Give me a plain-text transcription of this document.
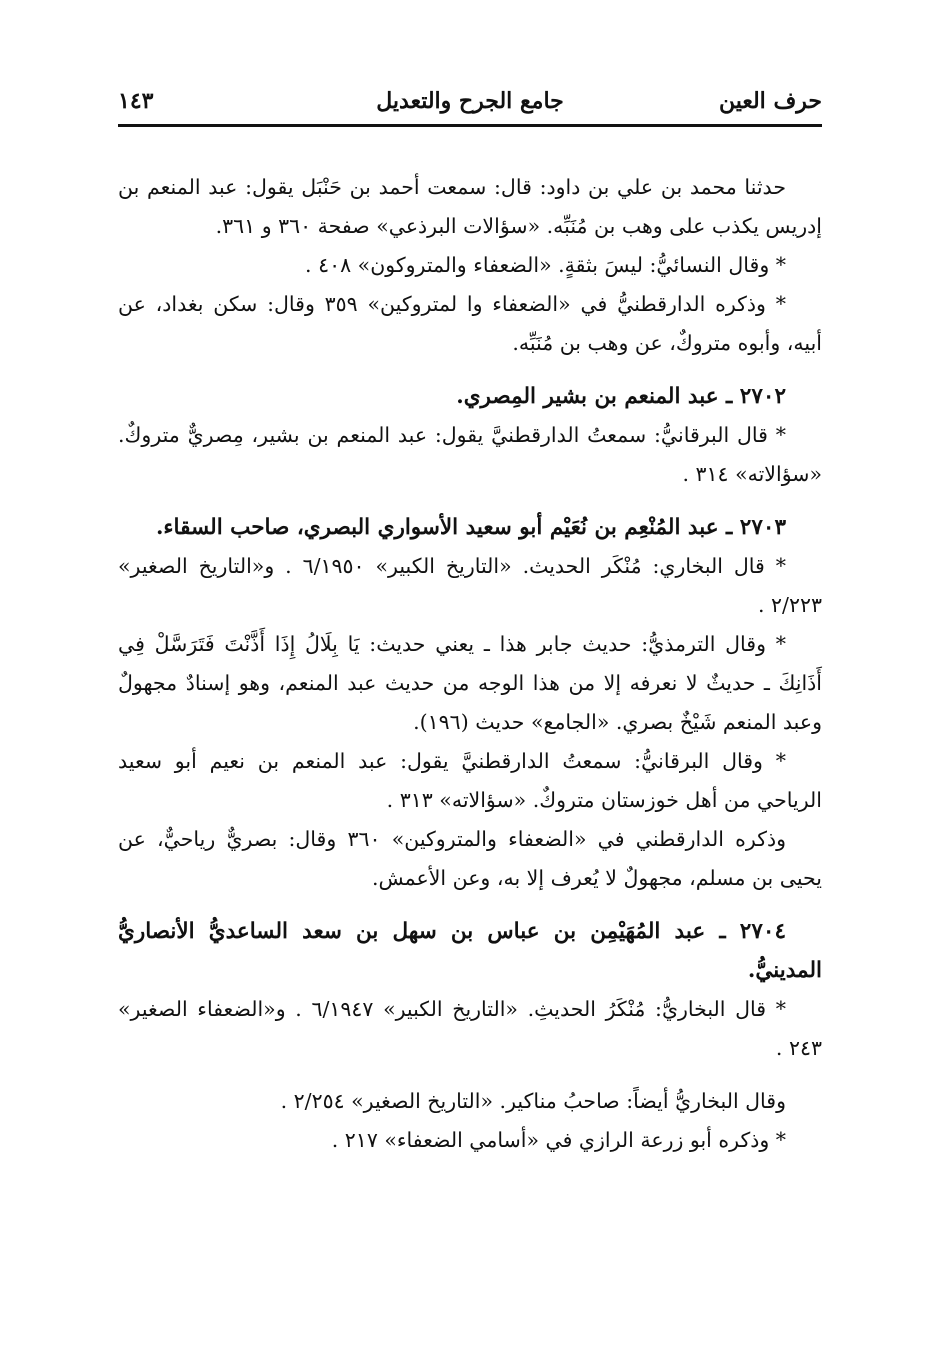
حرف العين
جامع الجرح والتعديل
١٤٣

حدثنا محمد بن علي بن داود: قال: سمعت أحمد بن حَنْبَل يقول: عبد المنعم بن إدريس يكذب على وهب بن مُنَبِّه. «سؤالات البرذعي» صفحة ٣٦٠ و ٣٦١.

* وقال النسائيُّ: ليسَ بثقةٍ. «الضعفاء والمتروكون» ٤٠٨ .

* وذكره الدارقطنيُّ في «الضعفاء وا لمتروكين» ٣٥٩ وقال: سكن بغداد، عن أبيه، وأبوه متروكٌ، عن وهب بن مُنَبِّه.

٢٧٠٢ ـ عبد المنعم بن بشير المِصري.

* قال البرقانيُّ: سمعتُ الدارقطنيَّ يقول: عبد المنعم بن بشير، مِصريٌّ متروكٌ. «سؤالاته» ٣١٤ .

٢٧٠٣ ـ عبد المُنْعِم بن نُعَيْم أبو سعيد الأسواري البصري، صاحب السقاء.

* قال البخاري: مُنْكَر الحديث. «التاريخ الكبير» ٦/١٩٥٠ . و«التاريخ الصغير» ٢/٢٢٣ .

* وقال الترمذيُّ: حديث جابر هذا ـ يعني حديث: يَا بِلَالُ إِذَا أَذَّنْتَ فَتَرَسَّلْ فِي أَذَانِكَ ـ حديثٌ لا نعرفه إلا من هذا الوجه من حديث عبد المنعم، وهو إسنادٌ مجهولٌ وعبد المنعم شَيْخٌ بصري. «الجامع» حديث (١٩٦).

* وقال البرقانيُّ: سمعتُ الدارقطنيَّ يقول: عبد المنعم بن نعيم أبو سعيد الرياحي من أهل خوزستان متروكٌ. «سؤالاته» ٣١٣ .

وذكره الدارقطني في «الضعفاء والمتروكين» ٣٦٠ وقال: بصريٌّ رياحيٌّ، عن يحيى بن مسلم، مجهولٌ لا يُعرف إلا به، وعن الأعمش.

٢٧٠٤ ـ عبد المُهَيْمِن بن عباس بن سهل بن سعد الساعديُّ الأنصاريُّ المدينيُّ.

* قال البخاريُّ: مُنْكَرُ الحديثِ. «التاريخ الكبير» ٦/١٩٤٧ . و«الضعفاء الصغير» ٢٤٣ .

وقال البخاريُّ أيضاً: صاحبُ مناكير. «التاريخ الصغير» ٢/٢٥٤ .

* وذكره أبو زرعة الرازي في «أسامي الضعفاء» ٢١٧ .
